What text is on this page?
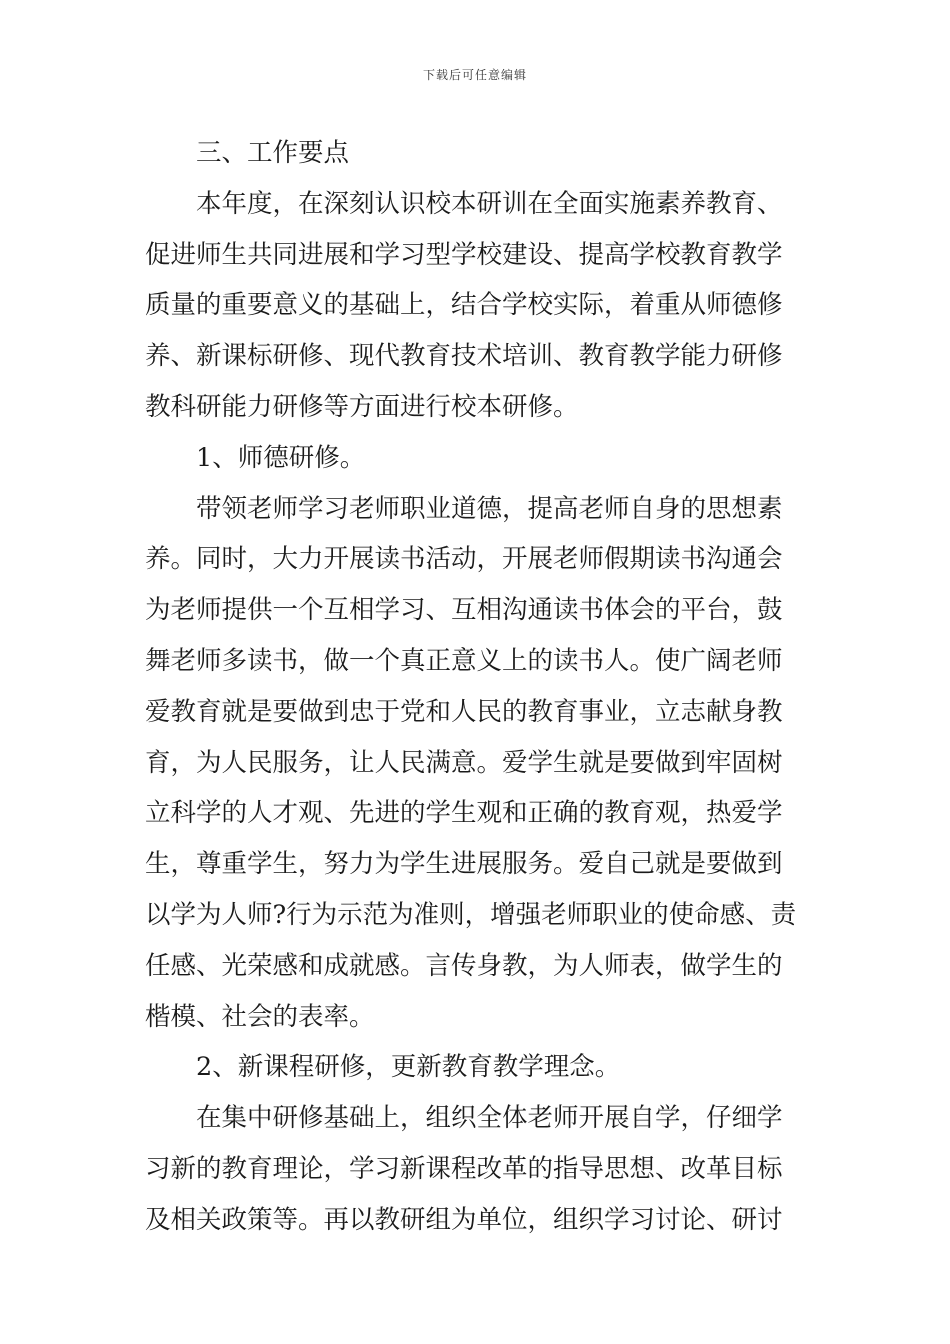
下载后可任意编辑
三、工作要点
本年度，在深刻认识校本研训在全面实施素养教育、
促进师生共同进展和学习型学校建设、提高学校教育教学
质量的重要意义的基础上，结合学校实际，着重从师德修
养、新课标研修、现代教育技术培训、教育教学能力研修
教科研能力研修等方面进行校本研修。
1、师德研修。
带领老师学习老师职业道德，提高老师自身的思想素
养。同时，大力开展读书活动，开展老师假期读书沟通会
为老师提供一个互相学习、互相沟通读书体会的平台，鼓
舞老师多读书，做一个真正意义上的读书人。使广阔老师
爱教育就是要做到忠于党和人民的教育事业，立志献身教
育，为人民服务，让人民满意。爱学生就是要做到牢固树
立科学的人才观、先进的学生观和正确的教育观，热爱学
生，尊重学生，努力为学生进展服务。爱自己就是要做到
以学为人师?行为示范为准则，增强老师职业的使命感、责
任感、光荣感和成就感。言传身教，为人师表，做学生的
楷模、社会的表率。
2、新课程研修，更新教育教学理念。
在集中研修基础上，组织全体老师开展自学，仔细学
习新的教育理论，学习新课程改革的指导思想、改革目标
及相关政策等。再以教研组为单位，组织学习讨论、研讨
